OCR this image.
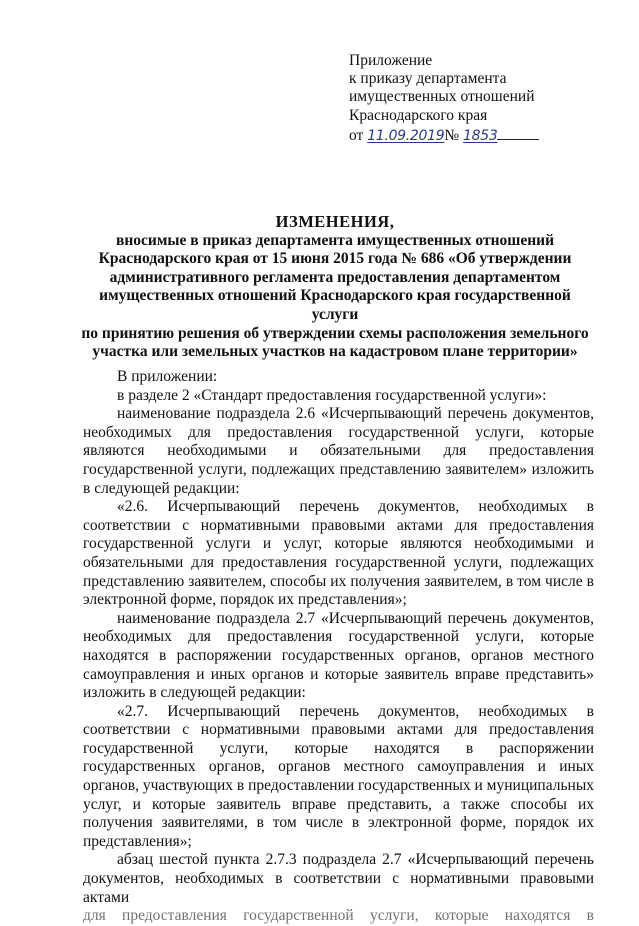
Приложение
к приказу департамента
имущественных отношений
Краснодарского края
от 11.09.2019№ 1853
ИЗМЕНЕНИЯ,
вносимые в приказ департамента имущественных отношений
Краснодарского края от 15 июня 2015 года № 686 «Об утверждении
административного регламента предоставления департаментом
имущественных отношений Краснодарского края государственной услуги
по принятию решения об утверждении схемы расположения земельного
участка или земельных участков на кадастровом плане территории»
В приложении:
в разделе 2 «Стандарт предоставления государственной услуги»:
наименование подраздела 2.6 «Исчерпывающий перечень документов, необходимых для предоставления государственной услуги, которые являются необходимыми и обязательными для предоставления государственной услуги, подлежащих представлению заявителем» изложить в следующей редакции:
«2.6. Исчерпывающий перечень документов, необходимых в соответствии с нормативными правовыми актами для предоставления государственной услуги и услуг, которые являются необходимыми и обязательными для предоставления государственной услуги, подлежащих представлению заявителем, способы их получения заявителем, в том числе в электронной форме, порядок их представления»;
наименование подраздела 2.7 «Исчерпывающий перечень документов, необходимых для предоставления государственной услуги, которые находятся в распоряжении государственных органов, органов местного самоуправления и иных органов и которые заявитель вправе представить» изложить в следующей редакции:
«2.7. Исчерпывающий перечень документов, необходимых в соответствии с нормативными правовыми актами для предоставления государственной услуги, которые находятся в распоряжении государственных органов, органов местного самоуправления и иных органов, участвующих в предоставлении государственных и муниципальных услуг, и которые заявитель вправе представить, а также способы их получения заявителями, в том числе в электронной форме, порядок их представления»;
абзац шестой пункта 2.7.3 подраздела 2.7 «Исчерпывающий перечень документов, необходимых в соответствии с нормативными правовыми актами
для предоставления государственной услуги, которые находятся в
